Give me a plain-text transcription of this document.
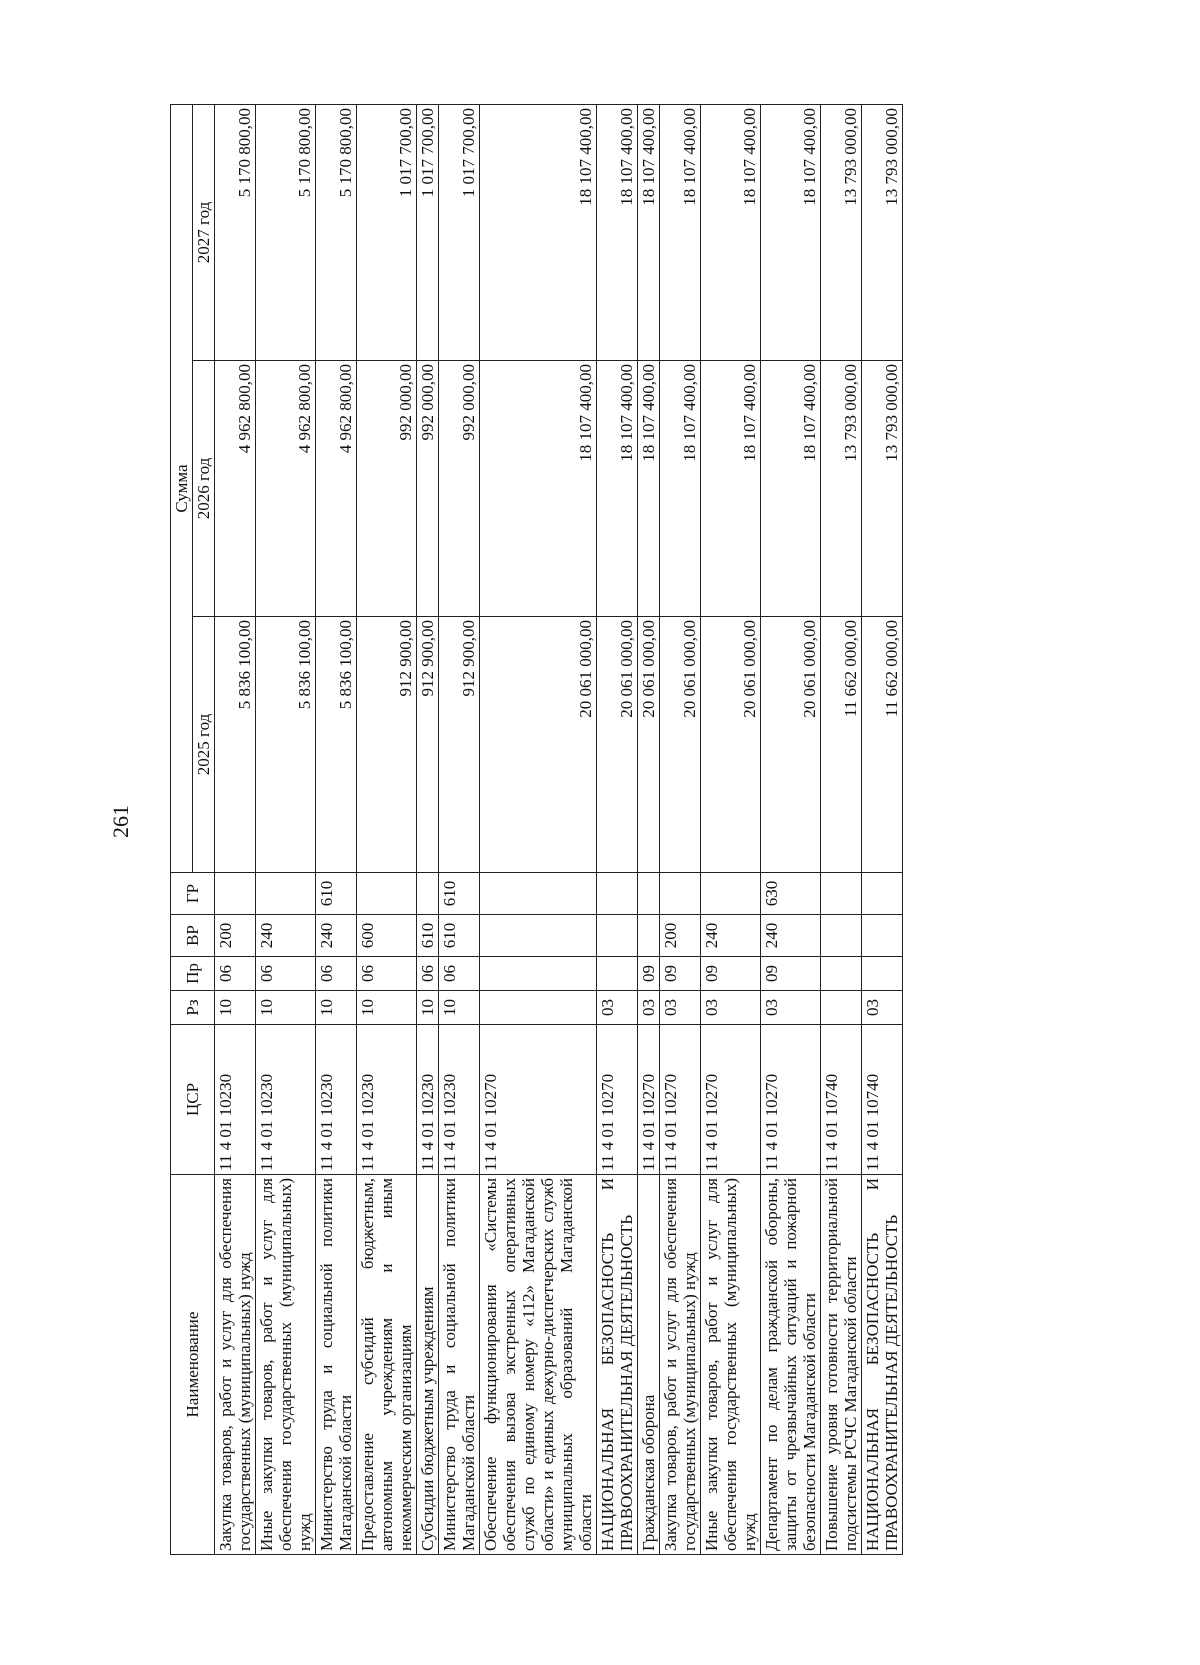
261
Наименование	ЦСР	Рз	Пр	ВР	ГР	Сумма		
						2025 год	2026 год	2027 год
Закупка товаров, работ и услуг для обеспечения государственных (муниципальных) нужд	11 4 01 10230	10	06	200		5 836 100,00	4 962 800,00	5 170 800,00
Иные закупки товаров, работ и услуг для обеспечения государственных (муниципальных) нужд	11 4 01 10230	10	06	240		5 836 100,00	4 962 800,00	5 170 800,00
Министерство труда и социальной политики Магаданской области	11 4 01 10230	10	06	240	610	5 836 100,00	4 962 800,00	5 170 800,00
Предоставление субсидий бюджетным, автономным учреждениям и иным некоммерческим организациям	11 4 01 10230	10	06	600		912 900,00	992 000,00	1 017 700,00
Субсидии бюджетным учреждениям	11 4 01 10230	10	06	610		912 900,00	992 000,00	1 017 700,00
Министерство труда и социальной политики Магаданской области	11 4 01 10230	10	06	610	610	912 900,00	992 000,00	1 017 700,00
Обеспечение функционирования «Системы обеспечения вызова экстренных оперативных служб по единому номеру «112» Магаданской области» и единых дежурно-диспетчерских служб муниципальных образований Магаданской области	11 4 01 10270					20 061 000,00	18 107 400,00	18 107 400,00
НАЦИОНАЛЬНАЯ БЕЗОПАСНОСТЬ И ПРАВООХРАНИТЕЛЬНАЯ ДЕЯТЕЛЬНОСТЬ	11 4 01 10270	03				20 061 000,00	18 107 400,00	18 107 400,00
Гражданская оборона	11 4 01 10270	03	09			20 061 000,00	18 107 400,00	18 107 400,00
Закупка товаров, работ и услуг для обеспечения государственных (муниципальных) нужд	11 4 01 10270	03	09	200		20 061 000,00	18 107 400,00	18 107 400,00
Иные закупки товаров, работ и услуг для обеспечения государственных (муниципальных) нужд	11 4 01 10270	03	09	240		20 061 000,00	18 107 400,00	18 107 400,00
Департамент по делам гражданской обороны, защиты от чрезвычайных ситуаций и пожарной безопасности Магаданской области	11 4 01 10270	03	09	240	630	20 061 000,00	18 107 400,00	18 107 400,00
Повышение уровня готовности территориальной подсистемы РСЧС Магаданской области	11 4 01 10740					11 662 000,00	13 793 000,00	13 793 000,00
НАЦИОНАЛЬНАЯ БЕЗОПАСНОСТЬ И ПРАВООХРАНИТЕЛЬНАЯ ДЕЯТЕЛЬНОСТЬ	11 4 01 10740	03				11 662 000,00	13 793 000,00	13 793 000,00
